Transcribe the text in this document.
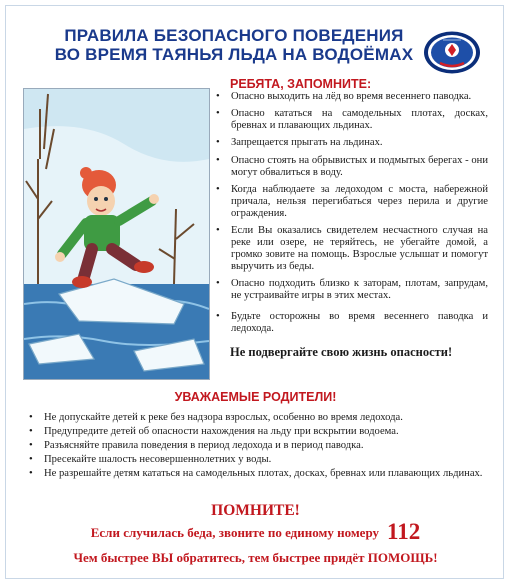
ПРАВИЛА БЕЗОПАСНОГО ПОВЕДЕНИЯ
ВО ВРЕМЯ ТАЯНЬЯ ЛЬДА НА ВОДОЁМАХ
РЕБЯТА, ЗАПОМНИТЕ:
• Опасно выходить на лёд во время весеннего паводка.
• Опасно кататься на самодельных плотах, досках, бревнах и плавающих льдинах.
• Запрещается прыгать на льдинах.
• Опасно стоять на обрывистых и подмытых берегах - они могут обвалиться в воду.
• Когда наблюдаете за ледоходом с моста, набережной причала, нельзя перегибаться через перила и другие ограждения.
• Если Вы оказались свидетелем несчастного случая на реке или озере, не теряйтесь, не убегайте домой, а громко зовите на помощь. Взрослые услышат и помогут выручить из беды.
• Опасно подходить близко к заторам, плотам, запрудам, не устраивайте игры в этих местах.
• Будьте осторожны во время весеннего паводка и ледохода.
Не подвергайте свою жизнь опасности!
УВАЖАЕМЫЕ РОДИТЕЛИ!
• Не допускайте детей к реке без надзора взрослых, особенно во время ледохода.
• Предупредите детей об опасности нахождения на льду при вскрытии водоема.
• Разъясняйте правила поведения в период ледохода и в период паводка.
• Пресекайте шалость несовершеннолетних у воды.
• Не разрешайте детям кататься на самодельных плотах, досках, бревнах или плавающих льдинах.
ПОМНИТЕ!
Если случилась беда, звоните по единому номеру 112
Чем быстрее ВЫ обратитесь, тем быстрее придёт ПОМОЩЬ!
